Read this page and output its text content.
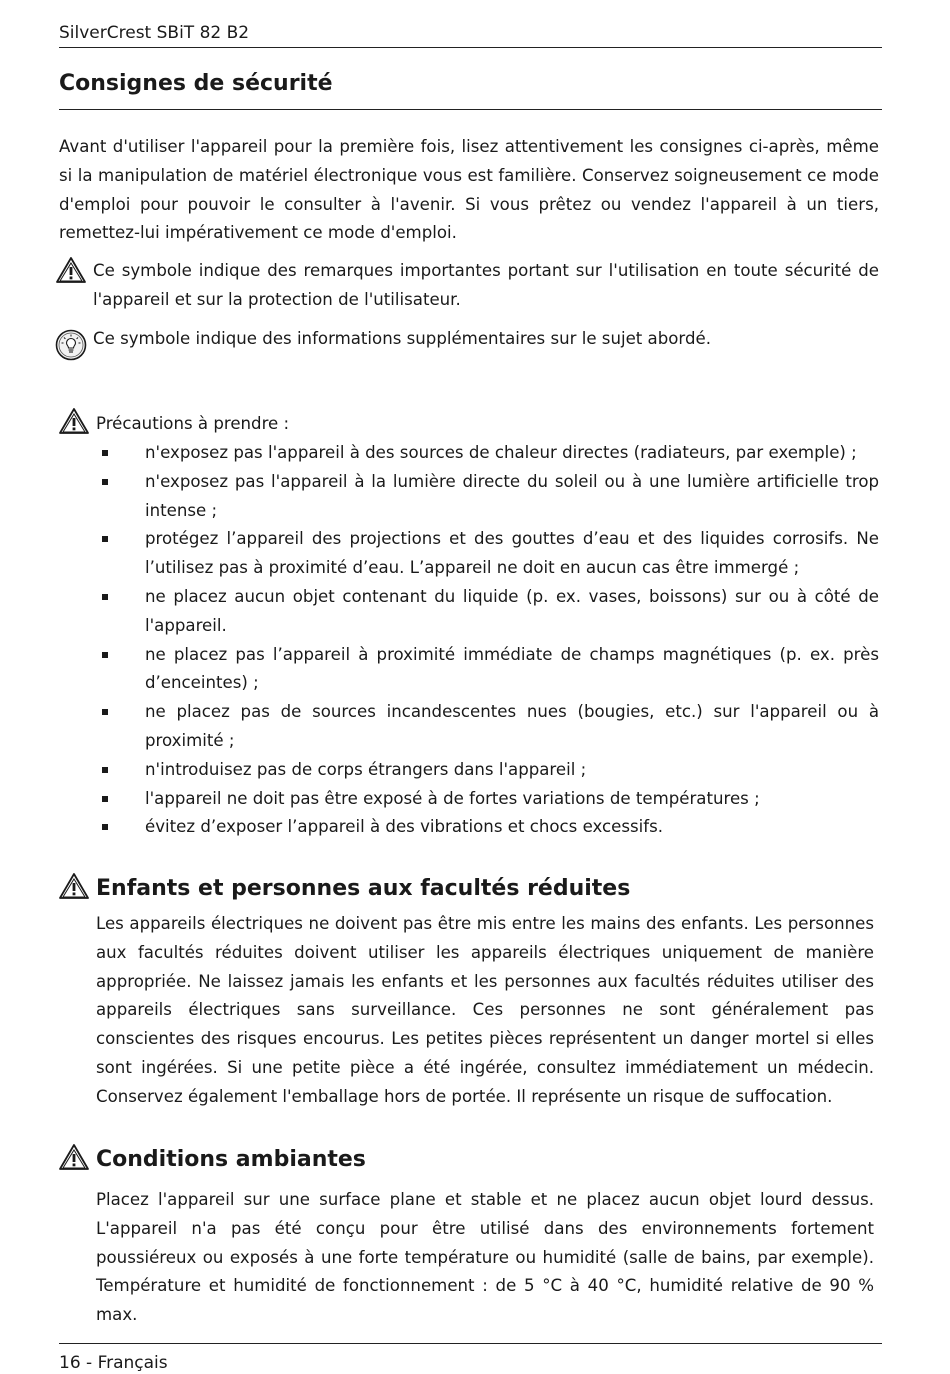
SilverCrest SBiT 82 B2
Consignes de sécurité

Avant d'utiliser l'appareil pour la première fois, lisez attentivement les consignes ci-après, même si la manipulation de matériel électronique vous est familière. Conservez soigneusement ce mode d'emploi pour pouvoir le consulter à l'avenir. Si vous prêtez ou vendez l'appareil à un tiers, remettez-lui impérativement ce mode d'emploi.

Ce symbole indique des remarques importantes portant sur l'utilisation en toute sécurité de l'appareil et sur la protection de l'utilisateur.

Ce symbole indique des informations supplémentaires sur le sujet abordé.

Précautions à prendre :

n'exposez pas l'appareil à des sources de chaleur directes (radiateurs, par exemple) ;
n'exposez pas l'appareil à la lumière directe du soleil ou à une lumière artificielle trop intense ;
protégez l’appareil des projections et des gouttes d’eau et des liquides corrosifs. Ne l’utilisez pas à proximité d’eau. L’appareil ne doit en aucun cas être immergé ;
ne placez aucun objet contenant du liquide (p. ex. vases, boissons) sur ou à côté de l'appareil.
ne placez pas l’appareil à proximité immédiate de champs magnétiques (p. ex. près d’enceintes) ;
ne placez pas de sources incandescentes nues (bougies, etc.) sur l'appareil ou à proximité ;
n'introduisez pas de corps étrangers dans l'appareil ;
l'appareil ne doit pas être exposé à de fortes variations de températures ;
évitez d’exposer l’appareil à des vibrations et chocs excessifs.
Enfants et personnes aux facultés réduites

Les appareils électriques ne doivent pas être mis entre les mains des enfants. Les personnes aux facultés réduites doivent utiliser les appareils électriques uniquement de manière appropriée. Ne laissez jamais les enfants et les personnes aux facultés réduites utiliser des appareils électriques sans surveillance. Ces personnes ne sont généralement pas conscientes des risques encourus. Les petites pièces représentent un danger mortel si elles sont ingérées. Si une petite pièce a été ingérée, consultez immédiatement un médecin. Conservez également l'emballage hors de portée. Il représente un risque de suffocation.

Conditions ambiantes

Placez l'appareil sur une surface plane et stable et ne placez aucun objet lourd dessus. L'appareil n'a pas été conçu pour être utilisé dans des environnements fortement poussiéreux ou exposés à une forte température ou humidité (salle de bains, par exemple). Température et humidité de fonctionnement : de 5 °C à 40 °C, humidité relative de 90 % max.

16 - Français
